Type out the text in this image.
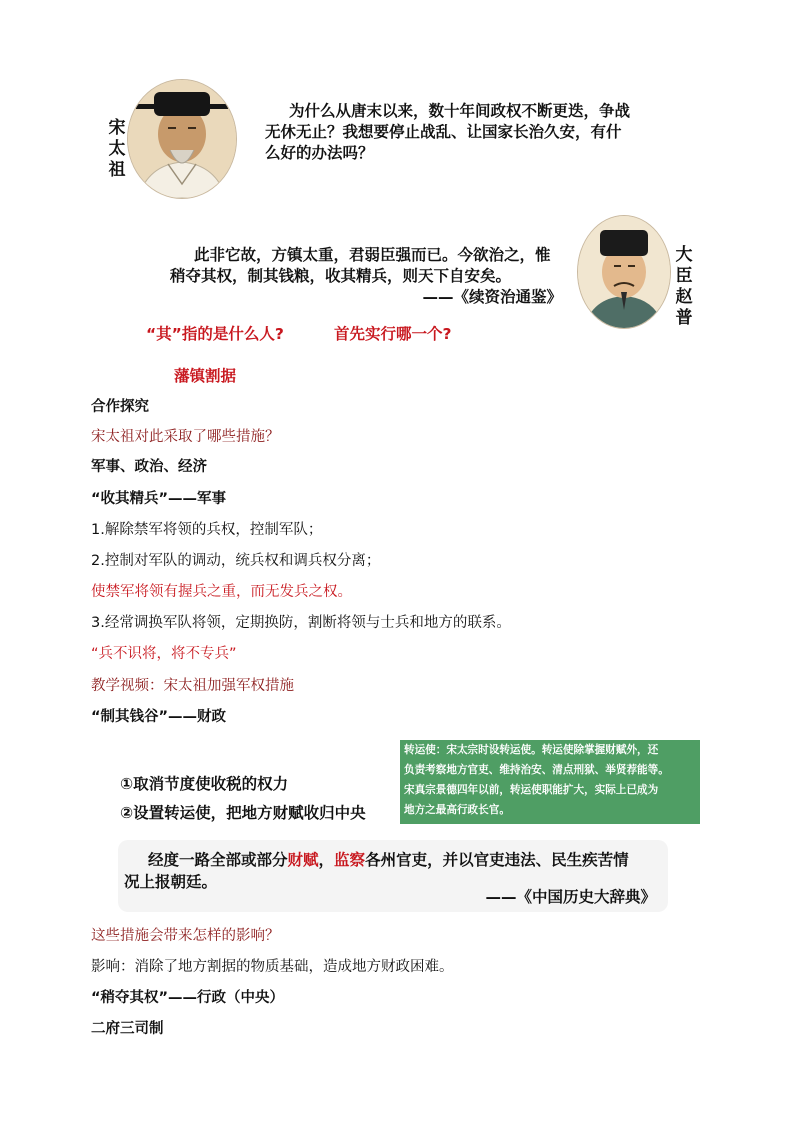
宋
太
祖
为什么从唐末以来，数十年间政权不断更迭，争战
无休无止？我想要停止战乱、让国家长治久安，有什
么好的办法吗？
此非它故，方镇太重，君弱臣强而已。今欲治之，惟
稍夺其权，制其钱粮，收其精兵，则天下自安矣。
——《续资治通鉴》
大
臣
赵
普
“其”指的是什么人?	首先实行哪一个?
藩镇割据
合作探究
宋太祖对此采取了哪些措施？
军事、政治、经济
“收其精兵”——军事
1.解除禁军将领的兵权，控制军队；
2.控制对军队的调动，统兵权和调兵权分离；
使禁军将领有握兵之重，而无发兵之权。
3.经常调换军队将领，定期换防，割断将领与士兵和地方的联系。
“兵不识将，将不专兵”
教学视频：宋太祖加强军权措施
“制其钱谷”——财政
①取消节度使收税的权力
②设置转运使，把地方财赋收归中央
转运使：宋太宗时设转运使。转运使除掌握财赋外，还
负责考察地方官吏、维持治安、清点刑狱、举贤荐能等。
宋真宗景德四年以前，转运使职能扩大，实际上已成为
地方之最高行政长官。
经度一路全部或部分财赋，监察各州官吏，并以官吏违法、民生疾苦情
况上报朝廷。
——《中国历史大辞典》
这些措施会带来怎样的影响？
影响：消除了地方割据的物质基础，造成地方财政困难。
“稍夺其权”——行政（中央）
二府三司制
